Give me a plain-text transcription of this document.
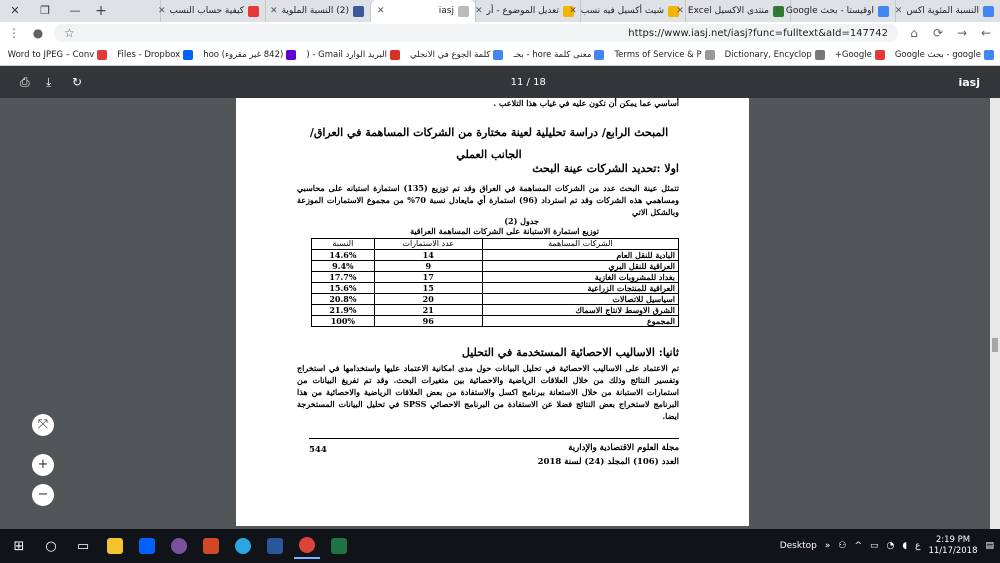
✕	❐	—	+	النسبة المئوية اكس
✕
اوقيستا - بحث Google
✕
منتدى الاكسيل Excel
✕
شيت أكسيل فيه نسب
✕
تعديل الموضوع - أر
✕
iasj
✕
(2) النسبة الملوية
✕
كيفية حساب النسب
✕
⋮ ● ☆	https://www.iasj.net/iasj?func=fulltext&aId=147742	⌂	⟳ → ←
google - بحث Google
Google+
Dictionary, Encyclop
Terms of Service & P
معنى كلمة hore - بحـ
كلمة الجوع في الانجلي
البريد الوارد Gmail - (
(842 غير مقروء) hoo
Files - Dropbox
Word to JPEG – Conv
⎙	⤓	↻	11 / 18	iasj
أساسي عما يمكن أن تكون عليه في غياب هذا التلاعب .
المبحث الرابع/ دراسة تحليلية لعينة مختارة من الشركات المساهمة في العراق/الجانب العملي
اولا :تحديد الشركات عينة البحث
تتمثل عينة البحث عدد من الشركات المساهمة في العراق وقد تم توزيع (135) استمارة استبانه على محاسبي ومساهمي هذه الشركات وقد تم استرداد (96) استمارة أي مايعادل نسبة 70% من مجموع الاستمارات الموزعة وبالشكل الاتي
جدول (2)
توزيع استمارة الاستبانة على الشركات المساهمة العراقية
الشركات المساهمة	عدد الاستمارات	النسبة
البادية للنقل العام	14	14.6%
العراقية للنقل البري	9	9.4%
بغداد للمشروبات الغازية	17	17.7%
العراقية للمنتجات الزراعية	15	15.6%
اسياسيل للاتصالات	20	20.8%
الشرق الاوسط لانتاج الاسماك	21	21.9%
المجموع	96	100%
ثانيا: الاساليب الاحصائية المستخدمة في التحليل
تم الاعتماد على الاساليب الاحصائية في تحليل البيانات حول مدى امكانية الاعتماد عليها واستخدامها في استخراج وتفسير النتائج وذلك من خلال العلاقات الرياضية والاحصائية بين متغيرات البحث. وقد تم تفريغ البيانات من استمارات الاستبانة من خلال الاستعانة ببرنامج اكسل والاستفادة من بعض العلاقات الرياضية والاحصائية من هذا البرنامج لاستخراج بعض النتائج فضلا عن الاستفادة من البرنامج الاحصائي SPSS في تحليل البيانات المستخرجة ايضا.
مجلة العلوم الاقتصادية والإدارية
العدد (106) المجلد (24) لسنة 2018
544
⤧
+
−
⊞	○	▭	Desktop » ⚇ ^ ▭ ◔ ◖ ع
2:19 PM
11/17/2018 ▤
